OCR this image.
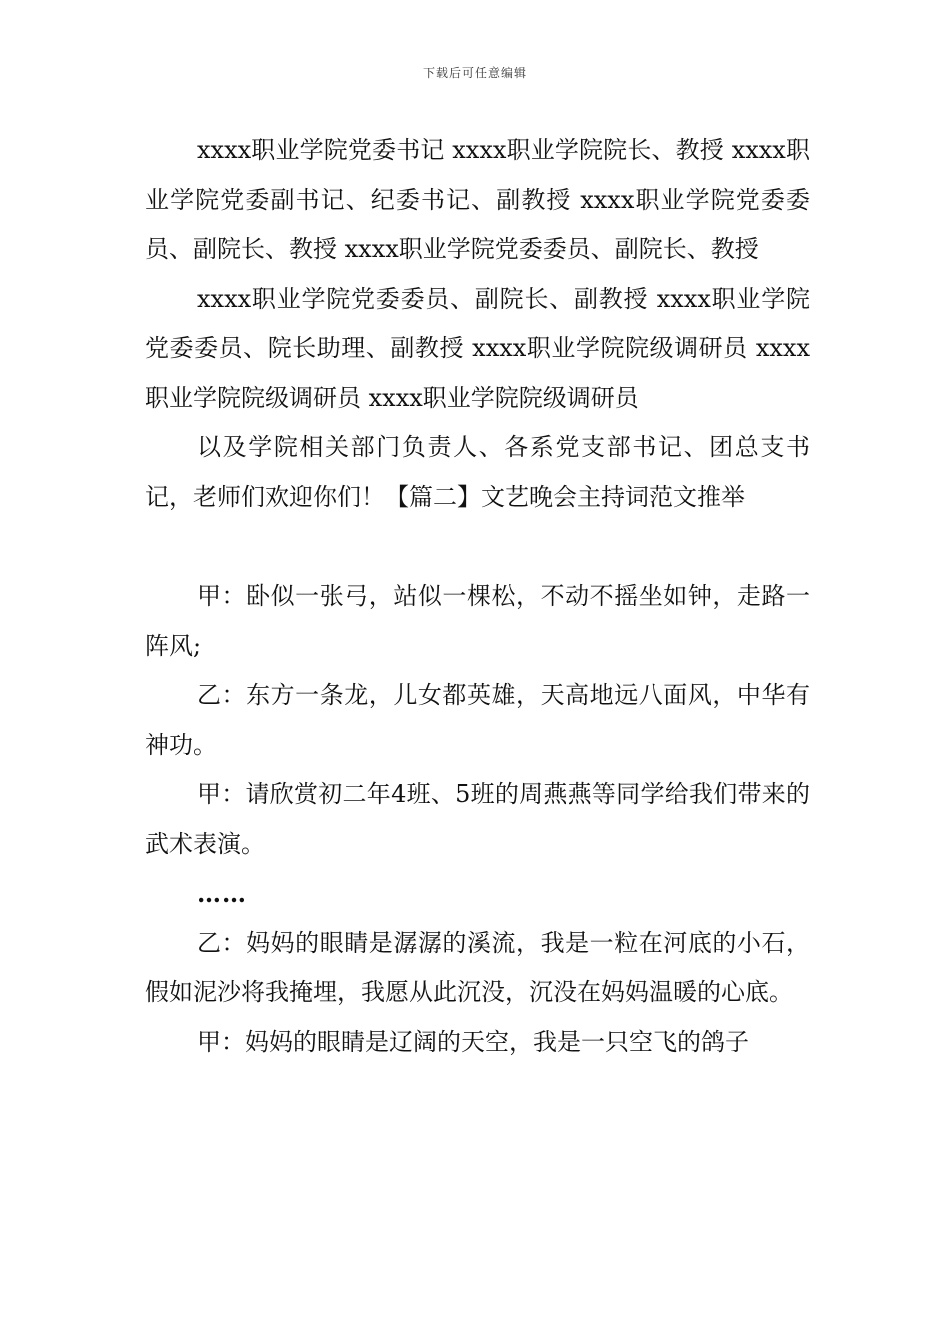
下载后可任意编辑

xxxx职业学院党委书记 xxxx职业学院院长、教授 xxxx职业学院党委副书记、纪委书记、副教授 xxxx职业学院党委委员、副院长、教授 xxxx职业学院党委委员、副院长、教授

xxxx职业学院党委委员、副院长、副教授 xxxx职业学院党委委员、院长助理、副教授 xxxx职业学院院级调研员 xxxx职业学院院级调研员 xxxx职业学院院级调研员

以及学院相关部门负责人、各系党支部书记、团总支书记，老师们欢迎你们！【篇二】文艺晚会主持词范文推举

甲：卧似一张弓，站似一棵松，不动不摇坐如钟，走路一阵风;

乙：东方一条龙，儿女都英雄，天高地远八面风，中华有神功。

甲：请欣赏初二年4班、5班的周燕燕等同学给我们带来的武术表演。

……

乙：妈妈的眼睛是潺潺的溪流，我是一粒在河底的小石，假如泥沙将我掩埋，我愿从此沉没，沉没在妈妈温暖的心底。

甲：妈妈的眼睛是辽阔的天空，我是一只空飞的鸽子
